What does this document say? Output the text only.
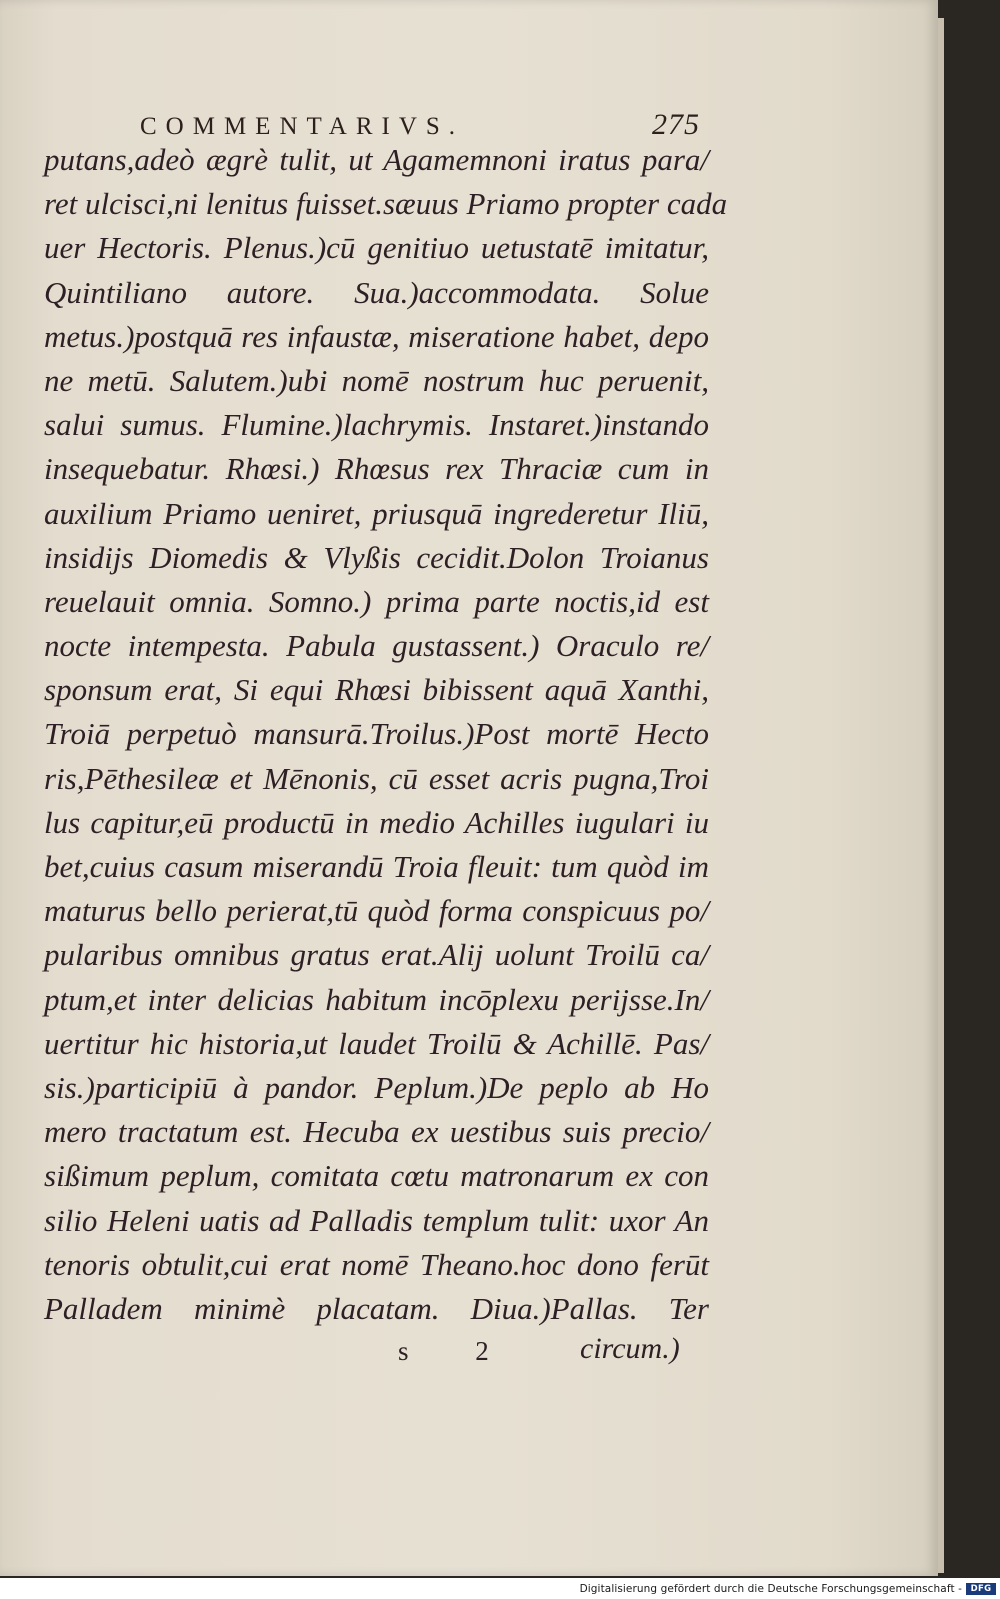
COMMENTARIVS.	275
putans,adeò ægrè tulit, ut Agamemnoni iratus para/
ret ulcisci,ni lenitus fuisset.sæuus Priamo propter cada
uer Hectoris. Plenus.)cū genitiuo uetustatē imitatur,
Quintiliano autore. Sua.)accommodata. Solue
metus.)postquā res infaustæ, miseratione habet, depo
ne metū. Salutem.)ubi nomē nostrum huc peruenit,
salui sumus. Flumine.)lachrymis. Instaret.)instando
insequebatur. Rhœsi.) Rhœsus rex Thraciæ cum in
auxilium Priamo ueniret, priusquā ingrederetur Iliū,
insidijs Diomedis & Vlyßis cecidit.Dolon Troianus
reuelauit omnia. Somno.) prima parte noctis,id est
nocte intempesta. Pabula gustassent.) Oraculo re/
sponsum erat, Si equi Rhœsi bibissent aquā Xanthi,
Troiā perpetuò mansurā.Troilus.)Post mortē Hecto
ris,Pēthesileæ et Mēnonis, cū esset acris pugna,Troi
lus capitur,eū productū in medio Achilles iugulari iu
bet,cuius casum miserandū Troia fleuit: tum quòd im
maturus bello perierat,tū quòd forma conspicuus po/
pularibus omnibus gratus erat.Alij uolunt Troilū ca/
ptum,et inter delicias habitum incōplexu perijsse.In/
uertitur hic historia,ut laudet Troilū & Achillē. Pas/
sis.)participiū à pandor. Peplum.)De peplo ab Ho
mero tractatum est. Hecuba ex uestibus suis precio/
sißimum peplum, comitata cœtu matronarum ex con
silio Heleni uatis ad Palladis templum tulit: uxor An
tenoris obtulit,cui erat nomē Theano.hoc dono ferūt
Palladem minimè placatam. Diua.)Pallas. Ter
s 2 circum.)
Digitalisierung gefördert durch die Deutsche Forschungsgemeinschaft -	DFG
